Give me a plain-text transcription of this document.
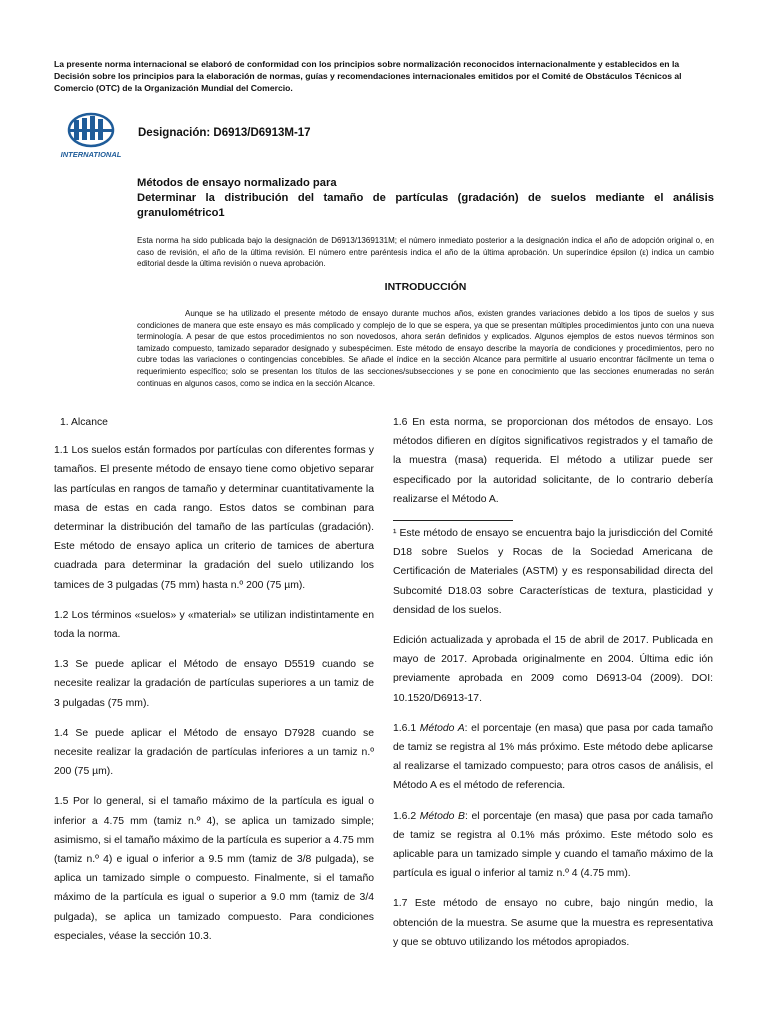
La presente norma internacional se elaboró de conformidad con los principios sobre normalización reconocidos internacionalmente y establecidos en la Decisión sobre los principios para la elaboración de normas, guías y recomendaciones internacionales emitidos por el Comité de Obstáculos Técnicos al Comercio (OTC) de la Organización Mundial del Comercio.
INTERNATIONAL
Designación: D6913/D6913M-17
Métodos de ensayo normalizado para
Determinar la distribución del tamaño de partículas (gradación) de suelos mediante el análisis
granulométrico1
Esta norma ha sido publicada bajo la designación de D6913/1369131M; el número inmediato posterior a la designación indica el año de adopción original o, en caso de revisión, el año de la última revisión. El número entre paréntesis indica el año de la última aprobación. Un superíndice épsilon (ε) indica un cambio editorial desde la última revisión o nueva aprobación.
INTRODUCCIÓN
Aunque se ha utilizado el presente método de ensayo durante muchos años, existen grandes variaciones debido a los tipos de suelos y sus condiciones de manera que este ensayo es más complicado y complejo de lo que se espera, ya que se presentan múltiples procedimientos junto con una nueva terminología. A pesar de que estos procedimientos no son novedosos, ahora serán definidos y explicados. Algunos ejemplos de estos nuevos términos son tamizado compuesto, tamizado separador designado y subespécimen. Este método de ensayo describe la mayoría de condiciones y procedimientos, pero no cubre todas las variaciones o contingencias concebibles. Se añade el índice en la sección Alcance para permitirle al usuario encontrar fácilmente un tema o requerimiento específico; solo se presentan los títulos de las secciones/subsecciones y se pone en conocimiento que las secciones enumeradas no serán continuas en algunos casos, como se indica en la sección Alcance.

1. Alcance

1.1 Los suelos están formados por partículas con diferentes formas y tamaños. El presente método de ensayo tiene como objetivo separar las partículas en rangos de tamaño y determinar cuantitativamente la masa de estas en cada rango. Estos datos se combinan para determinar la distribución del tamaño de las partículas (gradación). Este método de ensayo aplica un criterio de tamices de abertura cuadrada para determinar la gradación del suelo utilizando los tamices de 3 pulgadas (75 mm) hasta n.º 200 (75 µm).

1.2 Los términos «suelos» y «material» se utilizan indistintamente en toda la norma.

1.3 Se puede aplicar el Método de ensayo D5519 cuando se necesite realizar la gradación de partículas superiores a un tamiz de 3 pulgadas (75 mm).

1.4 Se puede aplicar el Método de ensayo D7928 cuando se necesite realizar la gradación de partículas inferiores a un tamiz n.º 200 (75 µm).

1.5 Por lo general, si el tamaño máximo de la partícula es igual o inferior a 4.75 mm (tamiz n.º 4), se aplica un tamizado simple; asimismo, si el tamaño máximo de la partícula es superior a 4.75 mm (tamiz n.º 4) e igual o inferior a 9.5 mm (tamiz de 3/8 pulgada), se aplica un tamizado simple o compuesto. Finalmente, si el tamaño máximo de la partícula es igual o superior a 9.0 mm (tamiz de 3/4 pulgada), se aplica un tamizado compuesto. Para condiciones especiales, véase la sección 10.3.

1.6 En esta norma, se proporcionan dos métodos de ensayo. Los métodos difieren en dígitos significativos registrados y el tamaño de la muestra (masa) requerida. El método a utilizar puede ser especificado por la autoridad solicitante, de lo contrario debería realizarse el Método A.

¹ Este método de ensayo se encuentra bajo la jurisdicción del Comité D18 sobre Suelos y Rocas de la Sociedad Americana de Certificación de Materiales (ASTM) y es responsabilidad directa del Subcomité D18.03 sobre Características de textura, plasticidad y densidad de los suelos.

Edición actualizada y aprobada el 15 de abril de 2017. Publicada en mayo de 2017. Aprobada originalmente en 2004. Última edic ión previamente aprobada en 2009 como D6913-04 (2009). DOI: 10.1520/D6913-17.

1.6.1 Método A: el porcentaje (en masa) que pasa por cada tamaño de tamiz se registra al 1% más próximo. Este método debe aplicarse al realizarse el tamizado compuesto; para otros casos de análisis, el Método A es el método de referencia.

1.6.2 Método B: el porcentaje (en masa) que pasa por cada tamaño de tamiz se registra al 0.1% más próximo. Este método solo es aplicable para un tamizado simple y cuando el tamaño máximo de la partícula es igual o inferior al tamiz n.º 4 (4.75 mm).

1.7 Este método de ensayo no cubre, bajo ningún medio, la obtención de la muestra. Se asume que la muestra es representativa y que se obtuvo utilizando los métodos apropiados.
